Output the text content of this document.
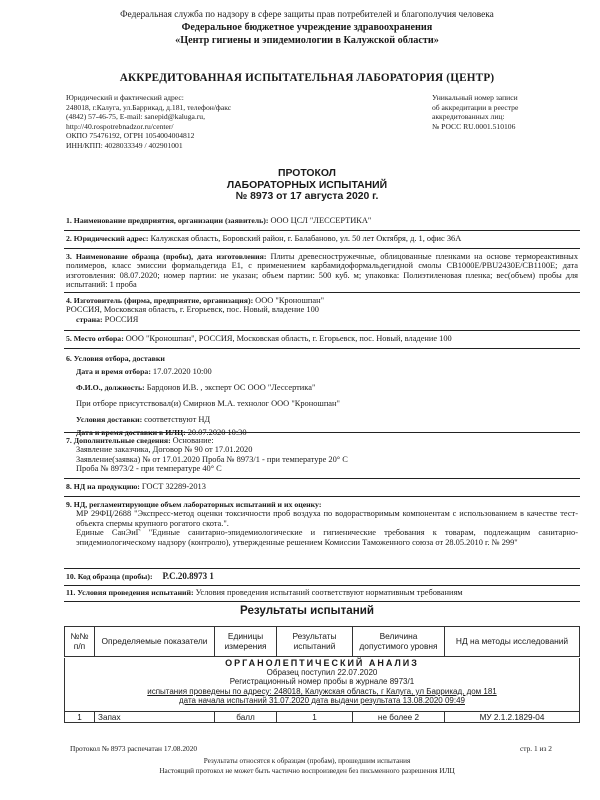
Федеральная служба по надзору в сфере защиты прав потребителей и благополучия человека
Федеральное бюджетное учреждение здравоохранения
«Центр гигиены и эпидемиологии в Калужской области»
АККРЕДИТОВАННАЯ ИСПЫТАТЕЛЬНАЯ ЛАБОРАТОРИЯ (ЦЕНТР)
Юридический и фактический адрес:
248018, г.Калуга, ул.Баррикад, д.181, телефон/факс
(4842) 57-46-75, E-mail: sanepid@kaluga.ru,
http://40.rospotrebnadzor.ru/center/
ОКПО 75476192, ОГРН 1054004004812
ИНН/КПП: 4028033349 / 402901001
Уникальный номер записи
об аккредитации в реестре
аккредитованных лиц:
№ РОСС RU.0001.510106
ПРОТОКОЛ
ЛАБОРАТОРНЫХ ИСПЫТАНИЙ
№ 8973 от 17 августа 2020 г.
1. Наименование предприятия, организации (заявитель): ООО ЦСЛ "ЛЕССЕРТИКА"
2. Юридический адрес: Калужская область, Боровский район, г. Балабаново, ул. 50 лет Октября, д. 1, офис 36А
3. Наименование образца (пробы), дата изготовления: Плиты древесностружечные, облицованные пленками на основе термореактивных полимеров, класс эмиссии формальдегида Е1, с применением карбамидоформальдегидной смолы СВ1000Е/PBU2430E/CB1100E; дата изготовления: 08.07.2020; номер партии: не указан; объем партии: 500 куб. м; упаковка: Полиэтиленовая пленка; вес(объем) пробы для испытаний: 1 проба
4. Изготовитель (фирма, предприятие, организация): ООО "Кроношпан"
РОССИЯ, Московская область, г. Егорьевск, пос. Новый, владение 100
страна: РОССИЯ
5. Место отбора: ООО "Кроношпан", РОССИЯ, Московская область, г. Егорьевск, пос. Новый, владение 100
6. Условия отбора, доставки
Дата и время отбора: 17.07.2020 10:00
Ф.И.О., должность: Бардонов И.В. , эксперт ОС ООО "Лессертика"
При отборе присутствовал(и) Смирнов М.А. технолог ООО "Кроношпан"
Условия доставки: соответствуют НД
Дата и время доставки в ИЛЦ: 20.07.2020 10:30
7. Дополнительные сведения: Основание:
Заявление заказчика, Договор № 90 от 17.01.2020
Заявление(заявка) № от 17.01.2020 Проба № 8973/1 - при температуре 20° С
Проба № 8973/2 - при температуре 40° С
8. НД на продукцию: ГОСТ 32289-2013
9. НД, регламентирующие объем лабораторных испытаний и их оценку:
МР 29ФЦ/2688 "Экспресс-метод оценки токсичности проб воздуха по водорастворимым компонентам с использованием в качестве тест-объекта спермы крупного рогатого скота.".
Единые СанЭиГ "Единые санитарно-эпидемиологические и гигиенические требования к товарам, подлежащим санитарно-эпидемиологическому надзору (контролю), утвержденные решением Комиссии Таможенного союза от 28.05.2010 г. № 299"
10. Код образца (пробы): Р.С.20.8973 1
11. Условия проведения испытаний: Условия проведения испытаний соответствуют нормативным требованиям
Результаты испытаний
№№ п/п	Определяемые показатели	Единицы измерения	Результаты испытаний	Величина допустимого уровня	НД на методы исследований
ОРГАНОЛЕПТИЧЕСКИЙ АНАЛИЗ
Образец поступил 22.07.2020
Регистрационный номер пробы в журнале 8973/1
испытания проведены по адресу: 248018, Калужская область, г Калуга, ул Баррикад, дом 181
дата начала испытаний 31.07.2020 дата выдачи результата 13.08.2020 09:49
1	Запах	балл	1	не более 2	МУ 2.1.2.1829-04
Протокол № 8973 распечатан 17.08.2020	стр. 1 из 2
Результаты относятся к образцам (пробам), прошедшим испытания
Настоящий протокол не может быть частично воспроизведен без письменного разрешения ИЛЦ
